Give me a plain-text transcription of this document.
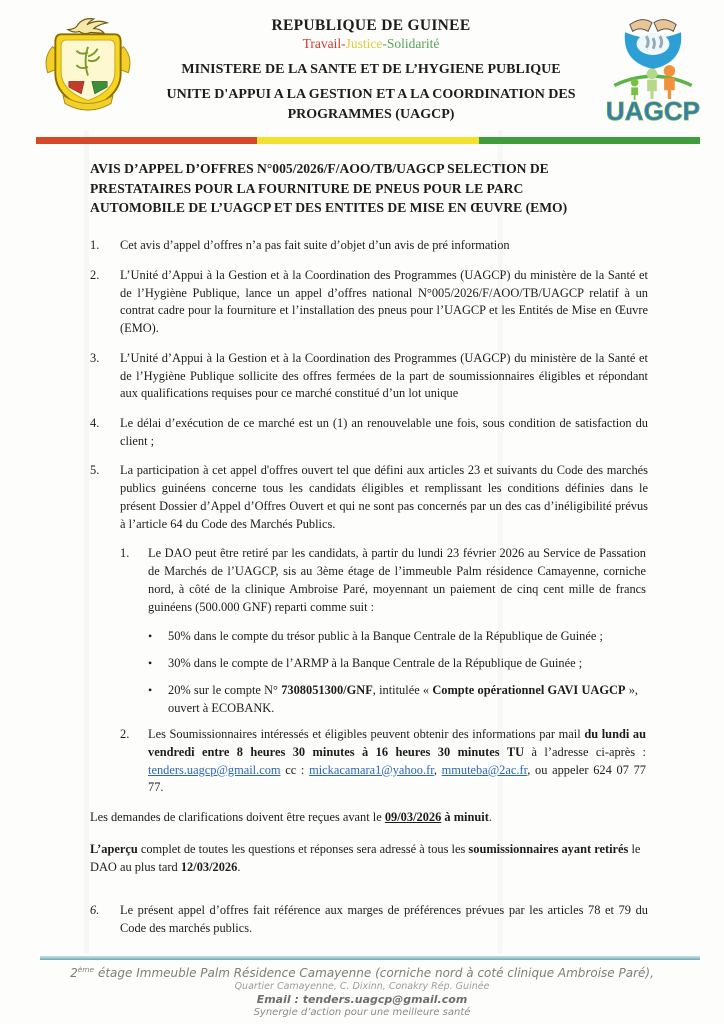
REPUBLIQUE DE GUINEE
Travail-Justice-Solidarité
MINISTERE DE LA SANTE ET DE L’HYGIENE PUBLIQUE
UNITE D'APPUI A LA GESTION ET A LA COORDINATION DES PROGRAMMES (UAGCP)	UAGCP
AVIS D’APPEL D’OFFRES N°005/2026/F/AOO/TB/UAGCP SELECTION DE PRESTATAIRES POUR LA FOURNITURE DE PNEUS POUR LE PARC AUTOMOBILE DE L’UAGCP ET DES ENTITES DE MISE EN ŒUVRE (EMO)
1.	Cet avis d’appel d’offres n’a pas fait suite d’objet d’un avis de pré information
2.	L’Unité d’Appui à la Gestion et à la Coordination des Programmes (UAGCP) du ministère de la Santé et de l’Hygiène Publique, lance un appel d’offres national N°005/2026/F/AOO/TB/UAGCP relatif à un contrat cadre pour la fourniture et l’installation des pneus pour l’UAGCP et les Entités de Mise en Œuvre (EMO).
3.	L’Unité d’Appui à la Gestion et à la Coordination des Programmes (UAGCP) du ministère de la Santé et de l’Hygiène Publique sollicite des offres fermées de la part de soumissionnaires éligibles et répondant aux qualifications requises pour ce marché constitué d’un lot unique
4.	Le délai d’exécution de ce marché est un (1) an renouvelable une fois, sous condition de satisfaction du client ;
5.	La participation à cet appel d'offres ouvert tel que défini aux articles 23 et suivants du Code des marchés publics guinéens concerne tous les candidats éligibles et remplissant les conditions définies dans le présent Dossier d’Appel d’Offres Ouvert et qui ne sont pas concernés par un des cas d’inéligibilité prévus à l’article 64 du Code des Marchés Publics.
1.	Le DAO peut être retiré par les candidats, à partir du lundi 23 février 2026 au Service de Passation de Marchés de l’UAGCP, sis au 3ème étage de l’immeuble Palm résidence Camayenne, corniche nord, à côté de la clinique Ambroise Paré, moyennant un paiement de cinq cent mille de francs guinéens (500.000 GNF) reparti comme suit :
•	50% dans le compte du trésor public à la Banque Centrale de la République de Guinée ;
•	30% dans le compte de l’ARMP à la Banque Centrale de la République de Guinée ;
•	20% sur le compte N° 7308051300/GNF, intitulée « Compte opérationnel GAVI UAGCP », ouvert à ECOBANK.
2.	Les Soumissionnaires intéressés et éligibles peuvent obtenir des informations par mail du lundi au vendredi entre 8 heures 30 minutes à 16 heures 30 minutes TU à l’adresse ci-après : tenders.uagcp@gmail.com cc : mickacamara1@yahoo.fr, mmuteba@2ac.fr, ou appeler 624 07 77 77.
Les demandes de clarifications doivent être reçues avant le 09/03/2026 à minuit.
L’aperçu complet de toutes les questions et réponses sera adressé à tous les soumissionnaires ayant retirés le DAO au plus tard 12/03/2026.
6.	Le présent appel d’offres fait référence aux marges de préférences prévues par les articles 78 et 79 du Code des marchés publics.
2ème étage Immeuble Palm Résidence Camayenne (corniche nord à coté clinique Ambroise Paré),
Quartier Camayenne, C. Dixinn, Conakry Rép. Guinée
Email : tenders.uagcp@gmail.com
Synergie d’action pour une meilleure santé
